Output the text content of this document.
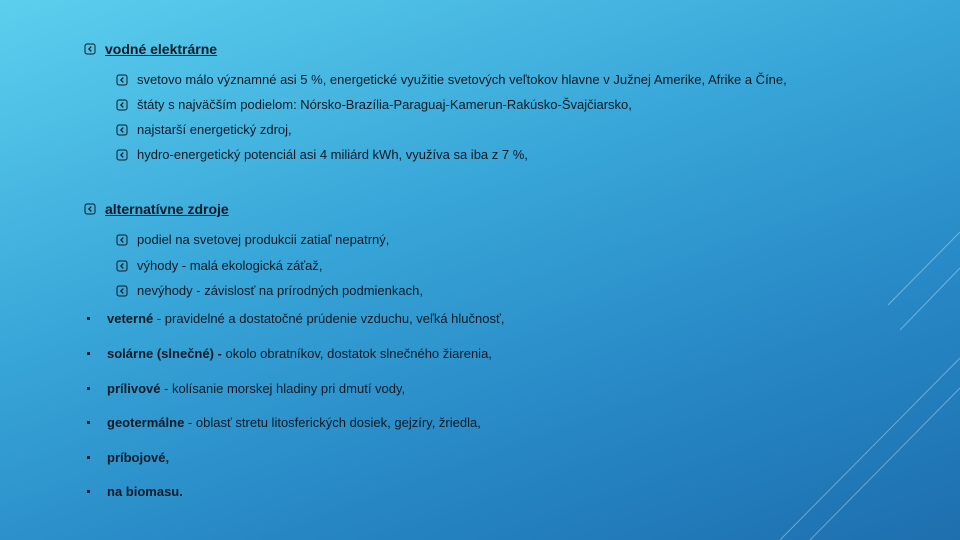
vodné elektrárne
svetovo málo významné asi 5 %, energetické využitie svetových veľtokov hlavne v Južnej Amerike, Afrike a Číne,
štáty s najväčším podielom: Nórsko-Brazília-Paraguaj-Kamerun-Rakúsko-Švajčiarsko,
najstarší energetický zdroj,
hydro-energetický potenciál asi 4 miliárd kWh, využíva sa iba z 7 %,
alternatívne zdroje
podiel na svetovej produkcii zatiaľ nepatrný,
výhody - malá ekologická záťaž,
nevýhody - závislosť na prírodných podmienkach,
veterné - pravidelné a dostatočné prúdenie vzduchu, veľká hlučnosť,
solárne (slnečné) - okolo obratníkov, dostatok slnečného žiarenia,
prílivové - kolísanie morskej hladiny pri dmutí vody,
geotermálne - oblasť stretu litosferických dosiek, gejzíry, žriedla,
príbojové,
na biomasu.
